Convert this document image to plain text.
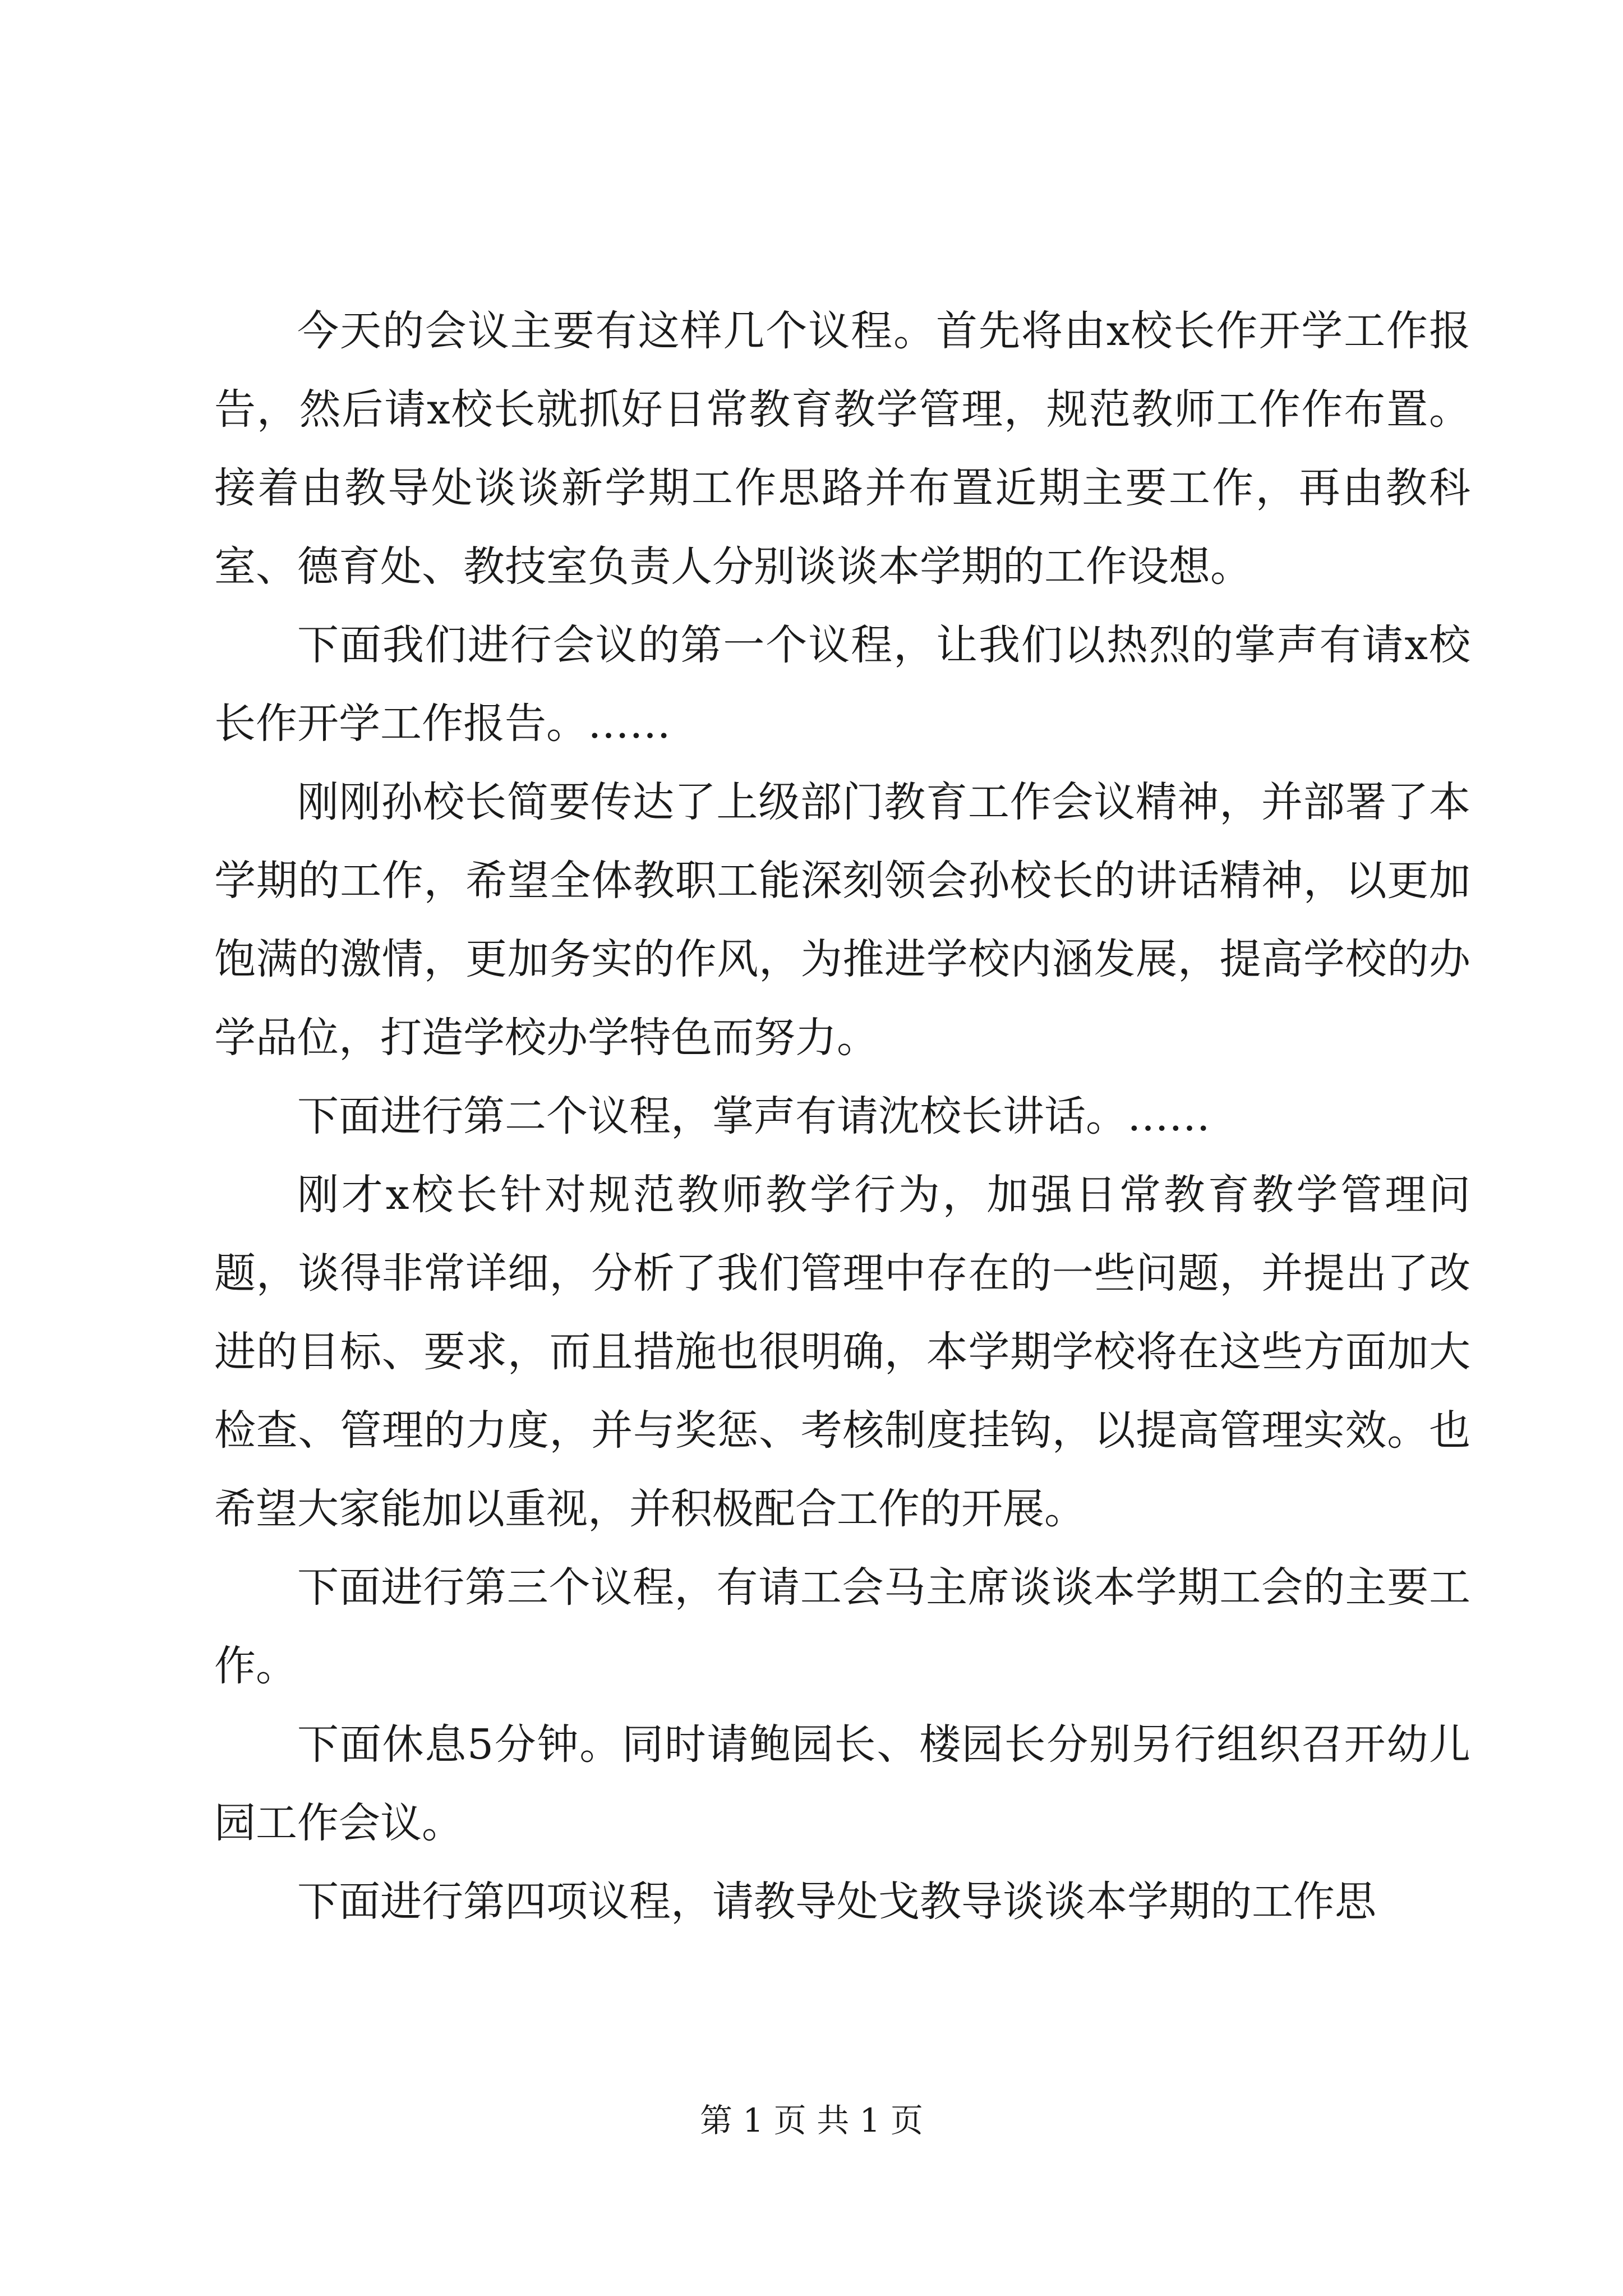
今天的会议主要有这样几个议程。首先将由x校长作开学工作报告，然后请x校长就抓好日常教育教学管理，规范教师工作作布置。接着由教导处谈谈新学期工作思路并布置近期主要工作，再由教科室、德育处、教技室负责人分别谈谈本学期的工作设想。

下面我们进行会议的第一个议程，让我们以热烈的掌声有请x校长作开学工作报告。……

刚刚孙校长简要传达了上级部门教育工作会议精神，并部署了本学期的工作，希望全体教职工能深刻领会孙校长的讲话精神，以更加饱满的激情，更加务实的作风，为推进学校内涵发展，提高学校的办学品位，打造学校办学特色而努力。

下面进行第二个议程，掌声有请沈校长讲话。……

刚才x校长针对规范教师教学行为，加强日常教育教学管理问题，谈得非常详细，分析了我们管理中存在的一些问题，并提出了改进的目标、要求，而且措施也很明确，本学期学校将在这些方面加大检查、管理的力度，并与奖惩、考核制度挂钩，以提高管理实效。也希望大家能加以重视，并积极配合工作的开展。

下面进行第三个议程，有请工会马主席谈谈本学期工会的主要工作。

下面休息5分钟。同时请鲍园长、楼园长分别另行组织召开幼儿园工作会议。

下面进行第四项议程，请教导处戈教导谈谈本学期的工作思

第 1 页 共 1 页
